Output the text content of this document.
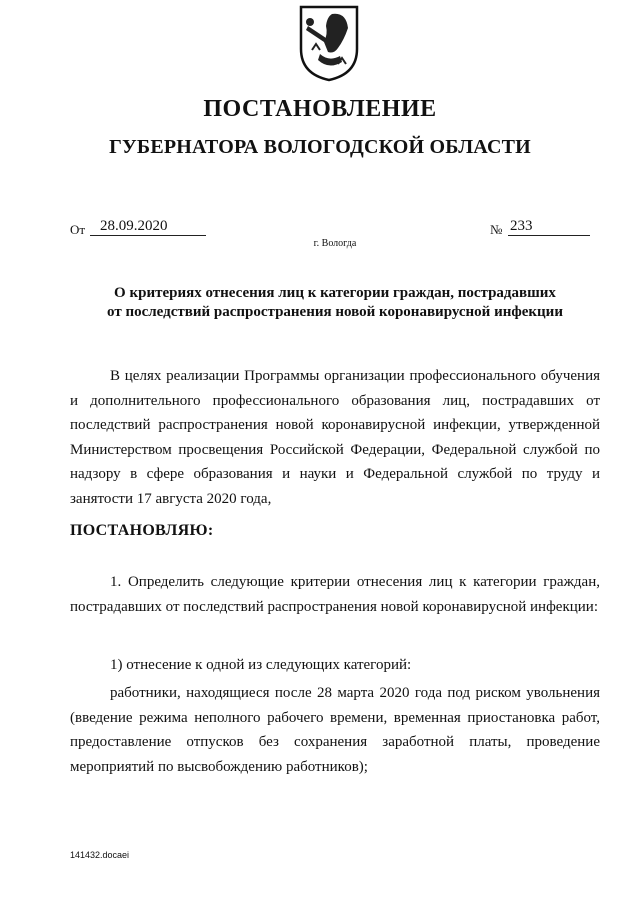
ПОСТАНОВЛЕНИЕ
ГУБЕРНАТОРА ВОЛОГОДСКОЙ ОБЛАСТИ
От 28.09.2020	№ 233
г. Вологда
О критериях отнесения лиц к категории граждан, пострадавших
от последствий распространения новой коронавирусной инфекции
В целях реализации Программы организации профессионального обучения и дополнительного профессионального образования лиц, пострадавших от последствий распространения новой коронавирусной инфекции, утвержденной Министерством просвещения Российской Федерации, Федеральной службой по надзору в сфере образования и науки и Федеральной службой по труду и занятости 17 августа 2020 года,
ПОСТАНОВЛЯЮ:
1. Определить следующие критерии отнесения лиц к категории граждан, пострадавших от последствий распространения новой коронавирусной инфекции:
1) отнесение к одной из следующих категорий:
работники, находящиеся после 28 марта 2020 года под риском увольнения (введение режима неполного рабочего времени, временная приостановка работ, предоставление отпусков без сохранения заработной платы, проведение мероприятий по высвобождению работников);
141432.docaei
